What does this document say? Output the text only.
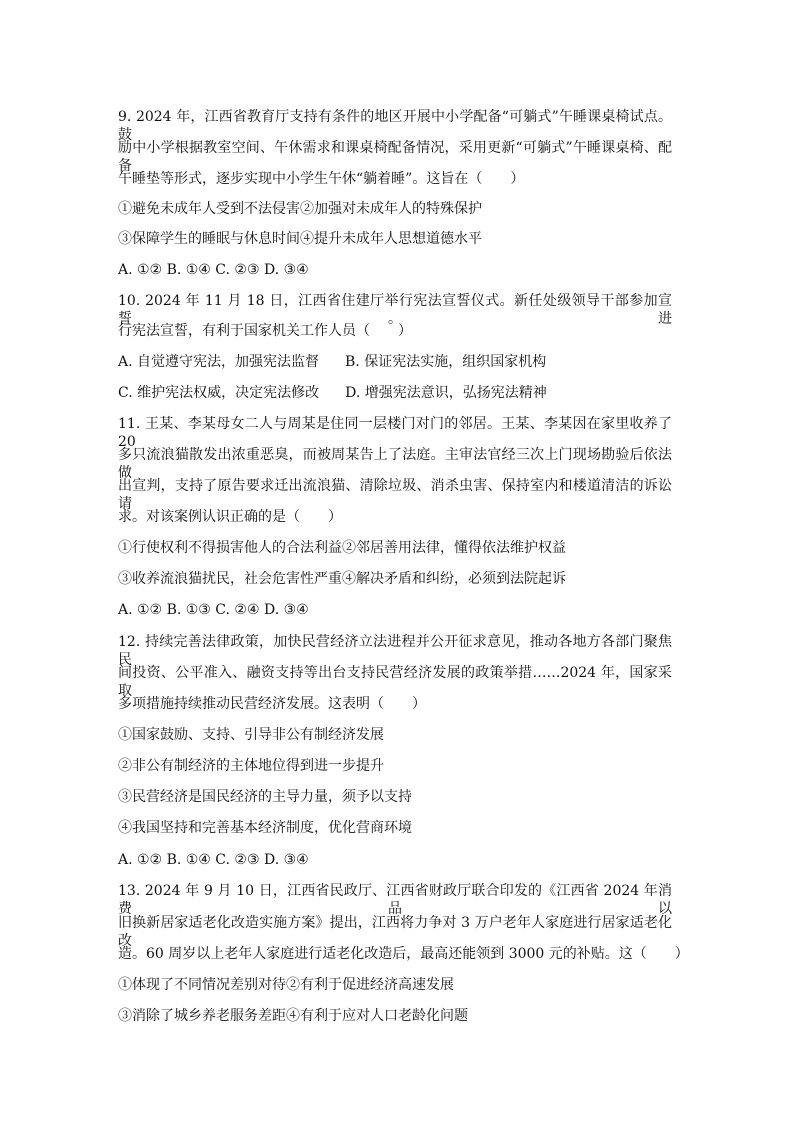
9. 2024 年，江西省教育厅支持有条件的地区开展中小学配备“可躺式”午睡课桌椅试点。鼓
励中小学根据教室空间、午休需求和课桌椅配备情况，采用更新“可躺式”午睡课桌椅、配备
午睡垫等形式，逐步实现中小学生午休“躺着睡”。这旨在（　　）
①避免未成年人受到不法侵害②加强对未成年人的特殊保护
③保障学生的睡眠与休息时间④提升未成年人思想道德水平
A. ①② B. ①④ C. ②③ D. ③④
10. 2024 年 11 月 18 日，江西省住建厅举行宪法宣誓仪式。新任处级领导干部参加宣誓。进
行宪法宣誓，有利于国家机关工作人员（　　）
A. 自觉遵守宪法，加强宪法监督 B. 保证宪法实施，组织国家机构
C. 维护宪法权威，决定宪法修改 D. 增强宪法意识，弘扬宪法精神
11. 王某、李某母女二人与周某是住同一层楼门对门的邻居。王某、李某因在家里收养了 20
多只流浪猫散发出浓重恶臭，而被周某告上了法庭。主审法官经三次上门现场勘验后依法做
出宣判，支持了原告要求迁出流浪猫、清除垃圾、消杀虫害、保持室内和楼道清洁的诉讼请
求。对该案例认识正确的是（　　）
①行使权利不得损害他人的合法利益②邻居善用法律，懂得依法维护权益
③收养流浪猫扰民，社会危害性严重④解决矛盾和纠纷，必须到法院起诉
A. ①② B. ①③ C. ②④ D. ③④
12. 持续完善法律政策，加快民营经济立法进程并公开征求意见，推动各地方各部门聚焦民
间投资、公平准入、融资支持等出台支持民营经济发展的政策举措……2024 年，国家采取
多项措施持续推动民营经济发展。这表明（　　）
①国家鼓励、支持、引导非公有制经济发展
②非公有制经济的主体地位得到进一步提升
③民营经济是国民经济的主导力量，须予以支持
④我国坚持和完善基本经济制度，优化营商环境
A. ①② B. ①④ C. ②③ D. ③④
13. 2024 年 9 月 10 日，江西省民政厅、江西省财政厅联合印发的《江西省 2024 年消费品以
旧换新居家适老化改造实施方案》提出，江西将力争对 3 万户老年人家庭进行居家适老化改
造。60 周岁以上老年人家庭进行适老化改造后，最高还能领到 3000 元的补贴。这（　　）
①体现了不同情况差别对待②有利于促进经济高速发展
③消除了城乡养老服务差距④有利于应对人口老龄化问题
